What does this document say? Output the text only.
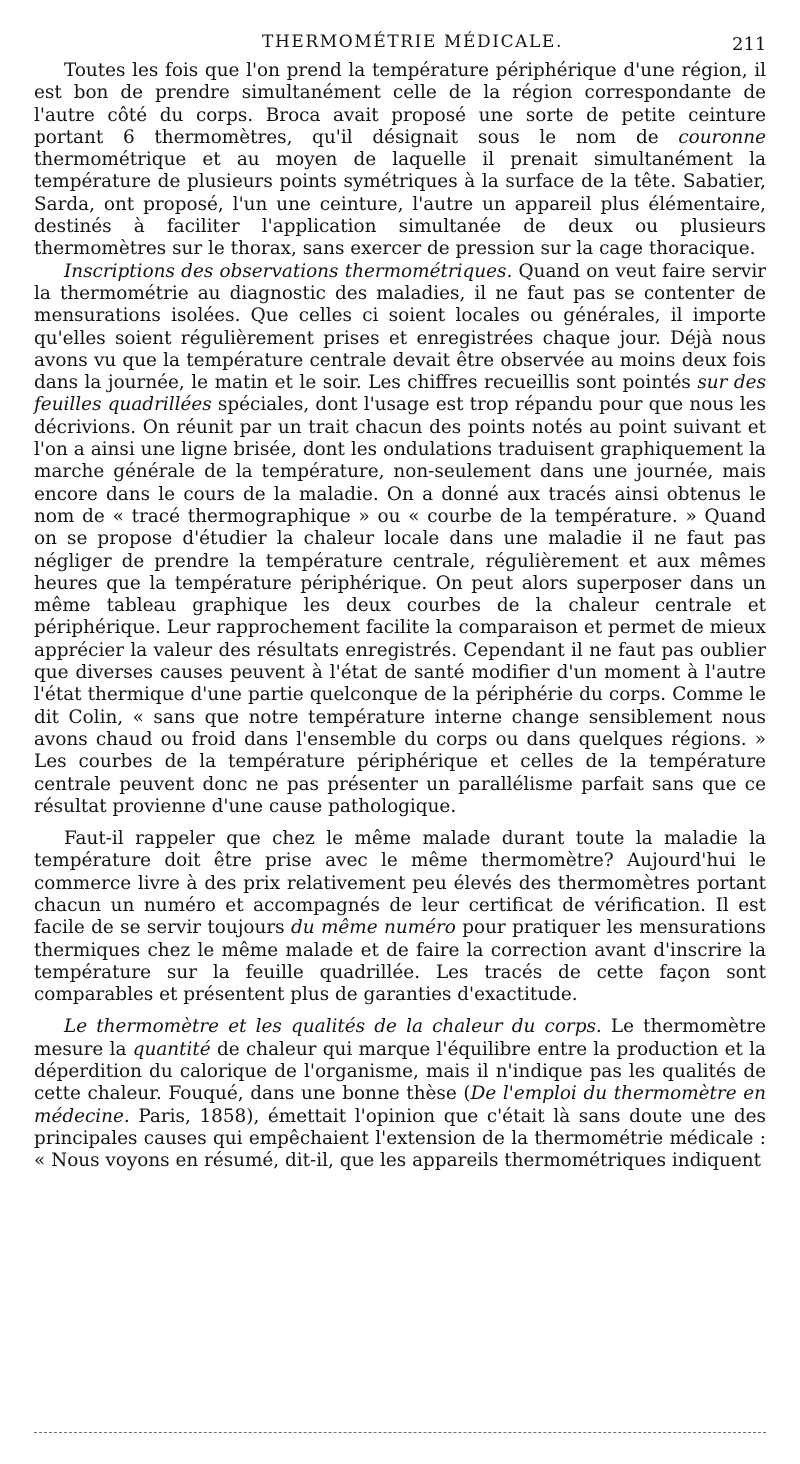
THERMOMÉTRIE MÉDICALE.	211

Toutes les fois que l'on prend la température périphérique d'une région, il est bon de prendre simultanément celle de la région correspondante de l'autre côté du corps. Broca avait proposé une sorte de petite ceinture portant 6 thermomètres, qu'il désignait sous le nom de couronne thermométrique et au moyen de laquelle il prenait simultanément la température de plusieurs points symétriques à la surface de la tête. Sabatier, Sarda, ont proposé, l'un une ceinture, l'autre un appareil plus élémentaire, destinés à faciliter l'application simultanée de deux ou plusieurs thermomètres sur le thorax, sans exercer de pression sur la cage thoracique.

Inscriptions des observations thermométriques. Quand on veut faire servir la thermométrie au diagnostic des maladies, il ne faut pas se contenter de mensurations isolées. Que celles ci soient locales ou générales, il importe qu'elles soient régulièrement prises et enregistrées chaque jour. Déjà nous avons vu que la température centrale devait être observée au moins deux fois dans la journée, le matin et le soir. Les chiffres recueillis sont pointés sur des feuilles quadrillées spéciales, dont l'usage est trop répandu pour que nous les décrivions. On réunit par un trait chacun des points notés au point suivant et l'on a ainsi une ligne brisée, dont les ondulations traduisent graphiquement la marche générale de la température, non-seulement dans une journée, mais encore dans le cours de la maladie. On a donné aux tracés ainsi obtenus le nom de « tracé thermographique » ou « courbe de la température. » Quand on se propose d'étudier la chaleur locale dans une maladie il ne faut pas négliger de prendre la température centrale, régulièrement et aux mêmes heures que la température périphérique. On peut alors superposer dans un même tableau graphique les deux courbes de la chaleur centrale et périphérique. Leur rapprochement facilite la comparaison et permet de mieux apprécier la valeur des résultats enregistrés. Cependant il ne faut pas oublier que diverses causes peuvent à l'état de santé modifier d'un moment à l'autre l'état thermique d'une partie quelconque de la périphérie du corps. Comme le dit Colin, « sans que notre température interne change sensiblement nous avons chaud ou froid dans l'ensemble du corps ou dans quelques régions. » Les courbes de la température périphérique et celles de la température centrale peuvent donc ne pas présenter un parallélisme parfait sans que ce résultat provienne d'une cause pathologique.

Faut-il rappeler que chez le même malade durant toute la maladie la température doit être prise avec le même thermomètre? Aujourd'hui le commerce livre à des prix relativement peu élevés des thermomètres portant chacun un numéro et accompagnés de leur certificat de vérification. Il est facile de se servir toujours du même numéro pour pratiquer les mensurations thermiques chez le même malade et de faire la correction avant d'inscrire la température sur la feuille quadrillée. Les tracés de cette façon sont comparables et présentent plus de garanties d'exactitude.

Le thermomètre et les qualités de la chaleur du corps. Le thermomètre mesure la quantité de chaleur qui marque l'équilibre entre la production et la déperdition du calorique de l'organisme, mais il n'indique pas les qualités de cette chaleur. Fouqué, dans une bonne thèse (De l'emploi du thermomètre en médecine. Paris, 1858), émettait l'opinion que c'était là sans doute une des principales causes qui empêchaient l'extension de la thermométrie médicale : « Nous voyons en résumé, dit-il, que les appareils thermométriques indiquent
